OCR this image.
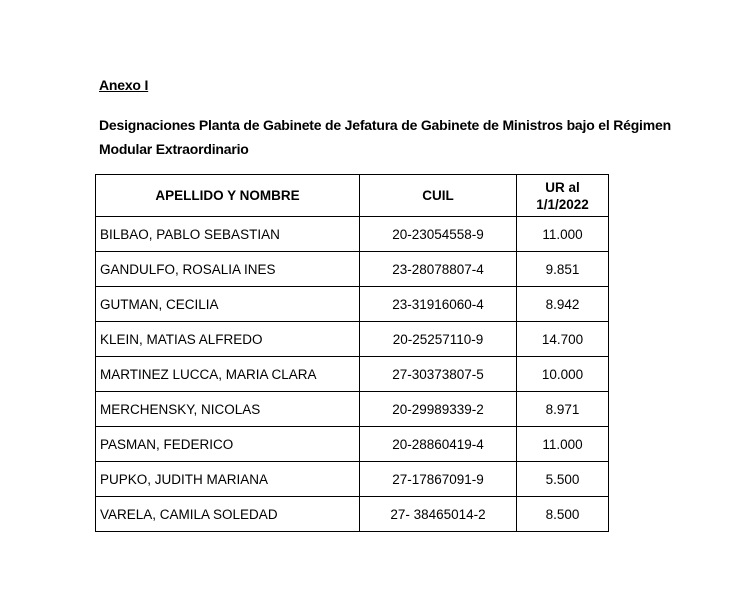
Anexo I
Designaciones Planta de Gabinete de Jefatura de Gabinete de Ministros bajo el Régimen Modular Extraordinario
APELLIDO Y NOMBRE	CUIL	UR al
1/1/2022
BILBAO, PABLO SEBASTIAN	20-23054558-9	11.000
GANDULFO, ROSALIA INES	23-28078807-4	9.851
GUTMAN, CECILIA	23-31916060-4	8.942
KLEIN, MATIAS ALFREDO	20-25257110-9	14.700
MARTINEZ LUCCA, MARIA CLARA	27-30373807-5	10.000
MERCHENSKY, NICOLAS	20-29989339-2	8.971
PASMAN, FEDERICO	20-28860419-4	11.000
PUPKO, JUDITH MARIANA	27-17867091-9	5.500
VARELA, CAMILA SOLEDAD	27- 38465014-2	8.500
